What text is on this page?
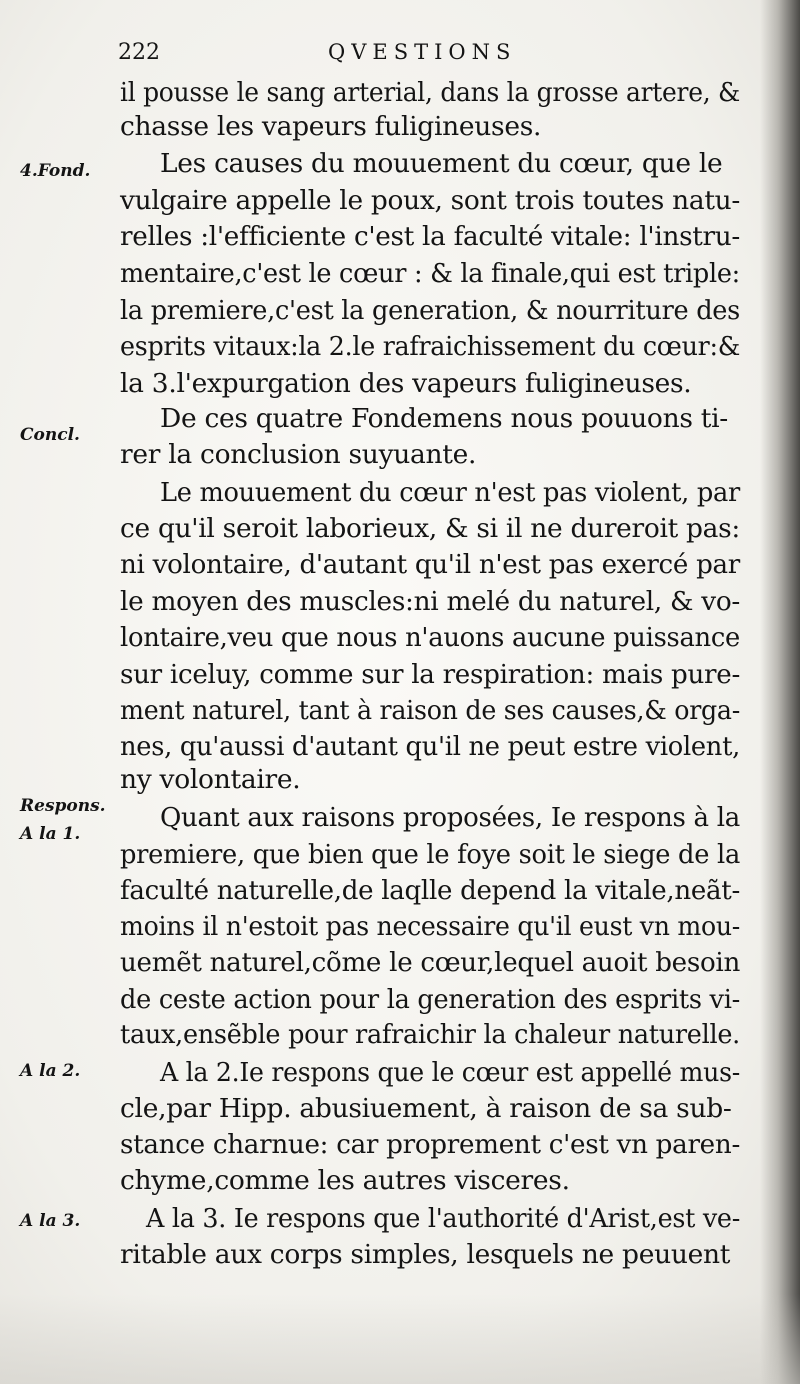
222	QVESTIONS
4.Fond.
Concl.
Respons.
A la 1.
A la 2.
A la 3.
il pousse le sang arterial, dans la grosse artere, &
chasse les vapeurs fuligineuses.
Les causes du mouuement du cœur, que le
vulgaire appelle le poux, sont trois toutes natu-
relles :l'efficiente c'est la faculté vitale: l'instru-
mentaire,c'est le cœur : & la finale,qui est triple:
la premiere,c'est la generation, & nourriture des
esprits vitaux:la 2.le rafraichissement du cœur:&
la 3.l'expurgation des vapeurs fuligineuses.
De ces quatre Fondemens nous pouuons ti-
rer la conclusion suyuante.
Le mouuement du cœur n'est pas violent, par
ce qu'il seroit laborieux, & si il ne dureroit pas:
ni volontaire, d'autant qu'il n'est pas exercé par
le moyen des muscles:ni melé du naturel, & vo-
lontaire,veu que nous n'auons aucune puissance
sur iceluy, comme sur la respiration: mais pure-
ment naturel, tant à raison de ses causes,& orga-
nes, qu'aussi d'autant qu'il ne peut estre violent,
ny volontaire.
Quant aux raisons proposées, Ie respons à la
premiere, que bien que le foye soit le siege de la
faculté naturelle,de laqlle depend la vitale,neãt-
moins il n'estoit pas necessaire qu'il eust vn mou-
uemẽt naturel,cõme le cœur,lequel auoit besoin
de ceste action pour la generation des esprits vi-
taux,ensẽble pour rafraichir la chaleur naturelle.
A la 2.Ie respons que le cœur est appellé mus-
cle,par Hipp. abusiuement, à raison de sa sub-
stance charnue: car proprement c'est vn paren-
chyme,comme les autres visceres.
A la 3. Ie respons que l'authorité d'Arist,est ve-
ritable aux corps simples, lesquels ne peuuent
